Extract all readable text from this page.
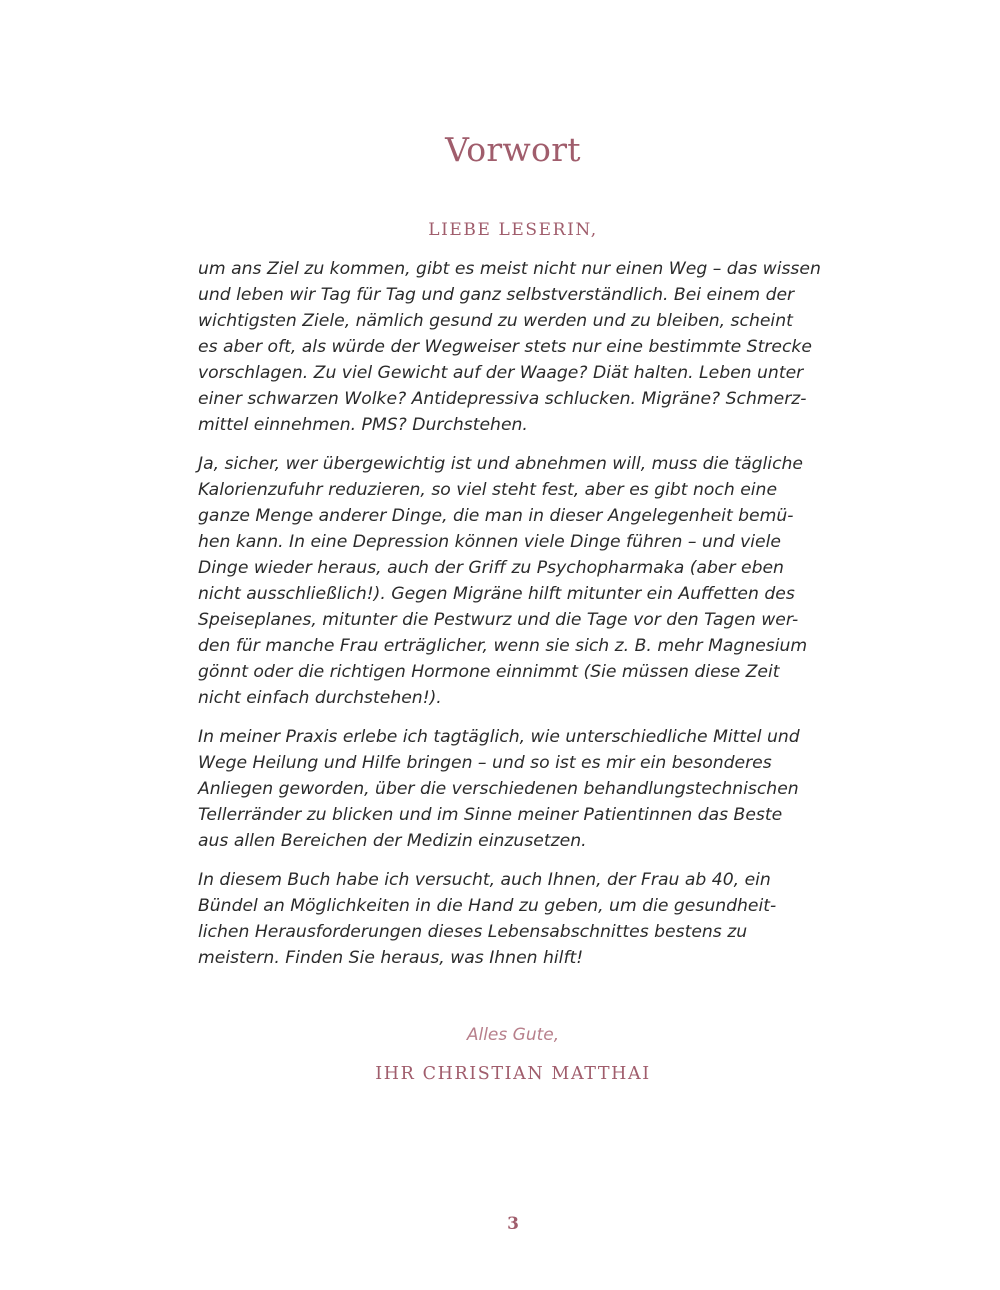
Vorwort

LIEBE LESERIN,

um ans Ziel zu kommen, gibt es meist nicht nur einen Weg – das wissen
und leben wir Tag für Tag und ganz selbstverständlich. Bei einem der
wichtigsten Ziele, nämlich gesund zu werden und zu bleiben, scheint
es aber oft, als würde der Wegweiser stets nur eine bestimmte Strecke
vorschlagen. Zu viel Gewicht auf der Waage? Diät halten. Leben unter
einer schwarzen Wolke? Antidepressiva schlucken. Migräne? Schmerz-
mittel einnehmen. PMS? Durchstehen.

Ja, sicher, wer übergewichtig ist und abnehmen will, muss die tägliche
Kalorienzufuhr reduzieren, so viel steht fest, aber es gibt noch eine
ganze Menge anderer Dinge, die man in dieser Angelegenheit bemü-
hen kann. In eine Depression können viele Dinge führen – und viele
Dinge wieder heraus, auch der Griff zu Psychopharmaka (aber eben
nicht ausschließlich!). Gegen Migräne hilft mitunter ein Auffetten des
Speiseplanes, mitunter die Pestwurz und die Tage vor den Tagen wer-
den für manche Frau erträglicher, wenn sie sich z. B. mehr Magnesium
gönnt oder die richtigen Hormone einnimmt (Sie müssen diese Zeit
nicht einfach durchstehen!).

In meiner Praxis erlebe ich tagtäglich, wie unterschiedliche Mittel und
Wege Heilung und Hilfe bringen – und so ist es mir ein besonderes
Anliegen geworden, über die verschiedenen behandlungstechnischen
Tellerränder zu blicken und im Sinne meiner Patientinnen das Beste
aus allen Bereichen der Medizin einzusetzen.

In diesem Buch habe ich versucht, auch Ihnen, der Frau ab 40, ein
Bündel an Möglichkeiten in die Hand zu geben, um die gesundheit-
lichen Herausforderungen dieses Lebensabschnittes bestens zu
meistern. Finden Sie heraus, was Ihnen hilft!

Alles Gute,

IHR CHRISTIAN MATTHAI

3
